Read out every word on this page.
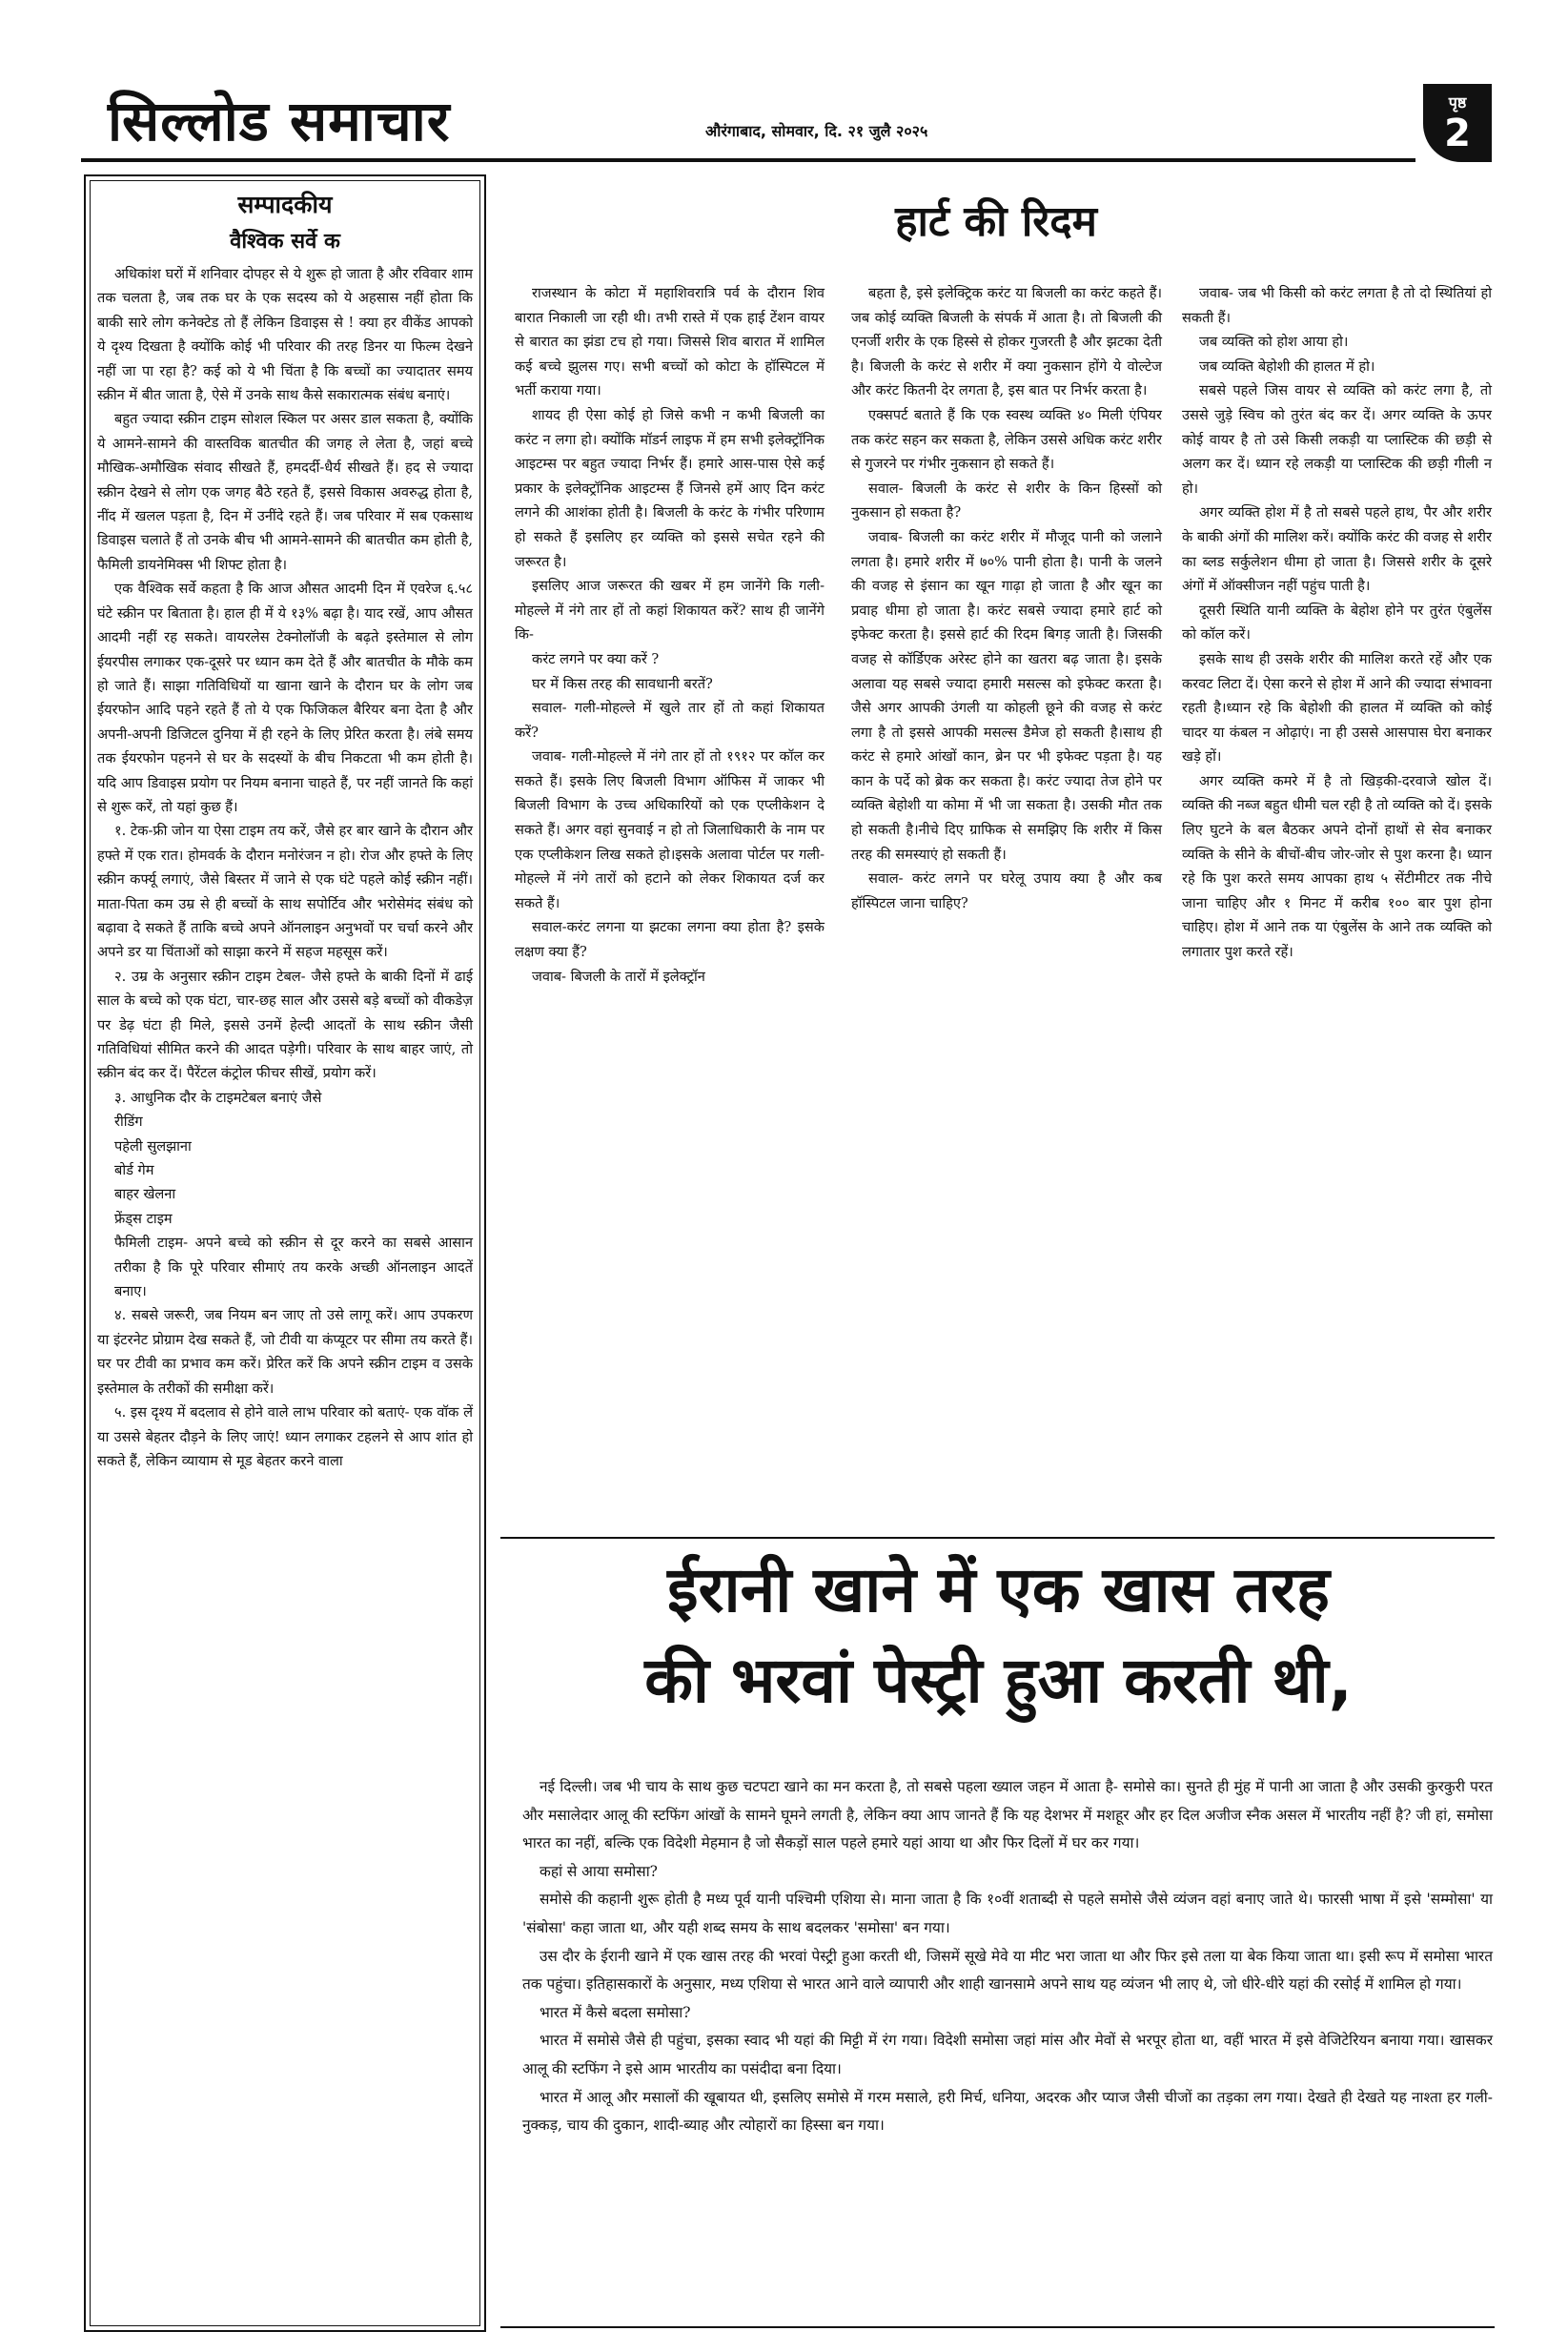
सिल्लोड समाचार	औरंगाबाद, सोमवार, दि. २१ जुलै २०२५
पृष्ठ
2
सम्पादकीय
वैश्विक सर्वे क

अधिकांश घरों में शनिवार दोपहर से ये शुरू हो जाता है और रविवार शाम तक चलता है, जब तक घर के एक सदस्य को ये अहसास नहीं होता कि बाकी सारे लोग कनेक्टेड तो हैं लेकिन डिवाइस से ! क्या हर वीकेंड आपको ये दृश्य दिखता है क्योंकि कोई भी परिवार की तरह डिनर या फिल्म देखने नहीं जा पा रहा है? कई को ये भी चिंता है कि बच्चों का ज्यादातर समय स्क्रीन में बीत जाता है, ऐसे में उनके साथ कैसे सकारात्मक संबंध बनाएं।

बहुत ज्यादा स्क्रीन टाइम सोशल स्किल पर असर डाल सकता है, क्योंकि ये आमने-सामने की वास्तविक बातचीत की जगह ले लेता है, जहां बच्चे मौखिक-अमौखिक संवाद सीखते हैं, हमदर्दी-धैर्य सीखते हैं। हद से ज्यादा स्क्रीन देखने से लोग एक जगह बैठे रहते हैं, इससे विकास अवरुद्ध होता है, नींद में खलल पड़ता है, दिन में उनींदे रहते हैं। जब परिवार में सब एकसाथ डिवाइस चलाते हैं तो उनके बीच भी आमने-सामने की बातचीत कम होती है, फैमिली डायनेमिक्स भी शिफ्ट होता है।

एक वैश्विक सर्वे कहता है कि आज औसत आदमी दिन में एवरेज ६.५८ घंटे स्क्रीन पर बिताता है। हाल ही में ये १३% बढ़ा है। याद रखें, आप औसत आदमी नहीं रह सकते। वायरलेस टेक्नोलॉजी के बढ़ते इस्तेमाल से लोग ईयरपीस लगाकर एक-दूसरे पर ध्यान कम देते हैं और बातचीत के मौके कम हो जाते हैं। साझा गतिविधियों या खाना खाने के दौरान घर के लोग जब ईयरफोन आदि पहने रहते हैं तो ये एक फिजिकल बैरियर बना देता है और अपनी-अपनी डिजिटल दुनिया में ही रहने के लिए प्रेरित करता है। लंबे समय तक ईयरफोन पहनने से घर के सदस्यों के बीच निकटता भी कम होती है। यदि आप डिवाइस प्रयोग पर नियम बनाना चाहते हैं, पर नहीं जानते कि कहां से शुरू करें, तो यहां कुछ हैं।

१. टेक-फ्री जोन या ऐसा टाइम तय करें, जैसे हर बार खाने के दौरान और हफ्ते में एक रात। होमवर्क के दौरान मनोरंजन न हो। रोज और हफ्ते के लिए स्क्रीन कर्फ्यू लगाएं, जैसे बिस्तर में जाने से एक घंटे पहले कोई स्क्रीन नहीं। माता-पिता कम उम्र से ही बच्चों के साथ सपोर्टिव और भरोसेमंद संबंध को बढ़ावा दे सकते हैं ताकि बच्चे अपने ऑनलाइन अनुभवों पर चर्चा करने और अपने डर या चिंताओं को साझा करने में सहज महसूस करें।

२. उम्र के अनुसार स्क्रीन टाइम टेबल- जैसे हफ्ते के बाकी दिनों में ढाई साल के बच्चे को एक घंटा, चार-छह साल और उससे बड़े बच्चों को वीकडेज़ पर डेढ़ घंटा ही मिले, इससे उनमें हेल्दी आदतों के साथ स्क्रीन जैसी गतिविधियां सीमित करने की आदत पड़ेगी। परिवार के साथ बाहर जाएं, तो स्क्रीन बंद कर दें। पैरेंटल कंट्रोल फीचर सीखें, प्रयोग करें।

३. आधुनिक दौर के टाइमटेबल बनाएं जैसे

रीडिंग

पहेली सुलझाना

बोर्ड गेम

बाहर खेलना

फ्रेंड्स टाइम

फैमिली टाइम- अपने बच्चे को स्क्रीन से दूर करने का सबसे आसान तरीका है कि पूरे परिवार सीमाएं तय करके अच्छी ऑनलाइन आदतें बनाए।

४. सबसे जरूरी, जब नियम बन जाए तो उसे लागू करें। आप उपकरण या इंटरनेट प्रोग्राम देख सकते हैं, जो टीवी या कंप्यूटर पर सीमा तय करते हैं। घर पर टीवी का प्रभाव कम करें। प्रेरित करें कि अपने स्क्रीन टाइम व उसके इस्तेमाल के तरीकों की समीक्षा करें।

५. इस दृश्य में बदलाव से होने वाले लाभ परिवार को बताएं- एक वॉक लें या उससे बेहतर दौड़ने के लिए जाएं! ध्यान लगाकर टहलने से आप शांत हो सकते हैं, लेकिन व्यायाम से मूड बेहतर करने वाला

हार्ट की रिदम

राजस्थान के कोटा में महाशिवरात्रि पर्व के दौरान शिव बारात निकाली जा रही थी। तभी रास्ते में एक हाई टेंशन वायर से बारात का झंडा टच हो गया। जिससे शिव बारात में शामिल कई बच्चे झुलस गए। सभी बच्चों को कोटा के हॉस्पिटल में भर्ती कराया गया।

शायद ही ऐसा कोई हो जिसे कभी न कभी बिजली का करंट न लगा हो। क्योंकि मॉडर्न लाइफ में हम सभी इलेक्ट्रॉनिक आइटम्स पर बहुत ज्यादा निर्भर हैं। हमारे आस-पास ऐसे कई प्रकार के इलेक्ट्रॉनिक आइटम्स हैं जिनसे हमें आए दिन करंट लगने की आशंका होती है। बिजली के करंट के गंभीर परिणाम हो सकते हैं इसलिए हर व्यक्ति को इससे सचेत रहने की जरूरत है।

इसलिए आज जरूरत की खबर में हम जानेंगे कि गली-मोहल्ले में नंगे तार हों तो कहां शिकायत करें? साथ ही जानेंगे कि-

करंट लगने पर क्या करें ?

घर में किस तरह की सावधानी बरतें?

सवाल- गली-मोहल्ले में खुले तार हों तो कहां शिकायत करें?

जवाब- गली-मोहल्ले में नंगे तार हों तो १९१२ पर कॉल कर सकते हैं। इसके लिए बिजली विभाग ऑफिस में जाकर भी बिजली विभाग के उच्च अधिकारियों को एक एप्लीकेशन दे सकते हैं। अगर वहां सुनवाई न हो तो जिलाधिकारी के नाम पर एक एप्लीकेशन लिख सकते हो।इसके अलावा पोर्टल पर गली-मोहल्ले में नंगे तारों को हटाने को लेकर शिकायत दर्ज कर सकते हैं।

सवाल-करंट लगना या झटका लगना क्या होता है? इसके लक्षण क्या हैं?

जवाब- बिजली के तारों में इलेक्ट्रॉन

बहता है, इसे इलेक्ट्रिक करंट या बिजली का करंट कहते हैं। जब कोई व्यक्ति बिजली के संपर्क में आता है। तो बिजली की एनर्जी शरीर के एक हिस्से से होकर गुजरती है और झटका देती है। बिजली के करंट से शरीर में क्या नुकसान होंगे ये वोल्टेज और करंट कितनी देर लगता है, इस बात पर निर्भर करता है।

एक्सपर्ट बताते हैं कि एक स्वस्थ व्यक्ति ४० मिली एंपियर तक करंट सहन कर सकता है, लेकिन उससे अधिक करंट शरीर से गुजरने पर गंभीर नुकसान हो सकते हैं।

सवाल- बिजली के करंट से शरीर के किन हिस्सों को नुकसान हो सकता है?

जवाब- बिजली का करंट शरीर में मौजूद पानी को जलाने लगता है। हमारे शरीर में ७०% पानी होता है। पानी के जलने की वजह से इंसान का खून गाढ़ा हो जाता है और खून का प्रवाह धीमा हो जाता है। करंट सबसे ज्यादा हमारे हार्ट को इफेक्ट करता है। इससे हार्ट की रिदम बिगड़ जाती है। जिसकी वजह से कॉर्डिएक अरेस्ट होने का खतरा बढ़ जाता है। इसके अलावा यह सबसे ज्यादा हमारी मसल्स को इफेक्ट करता है। जैसे अगर आपकी उंगली या कोहली छूने की वजह से करंट लगा है तो इससे आपकी मसल्स डैमेज हो सकती है।साथ ही करंट से हमारे आंखों कान, ब्रेन पर भी इफेक्ट पड़ता है। यह कान के पर्दे को ब्रेक कर सकता है। करंट ज्यादा तेज होने पर व्यक्ति बेहोशी या कोमा में भी जा सकता है। उसकी मौत तक हो सकती है।नीचे दिए ग्राफिक से समझिए कि शरीर में किस तरह की समस्याएं हो सकती हैं।

सवाल- करंट लगने पर घरेलू उपाय क्या है और कब हॉस्पिटल जाना चाहिए?

जवाब- जब भी किसी को करंट लगता है तो दो स्थितियां हो सकती हैं।

जब व्यक्ति को होश आया हो।

जब व्यक्ति बेहोशी की हालत में हो।

सबसे पहले जिस वायर से व्यक्ति को करंट लगा है, तो उससे जुड़े स्विच को तुरंत बंद कर दें। अगर व्यक्ति के ऊपर कोई वायर है तो उसे किसी लकड़ी या प्लास्टिक की छड़ी से अलग कर दें। ध्यान रहे लकड़ी या प्लास्टिक की छड़ी गीली न हो।

अगर व्यक्ति होश में है तो सबसे पहले हाथ, पैर और शरीर के बाकी अंगों की मालिश करें। क्योंकि करंट की वजह से शरीर का ब्लड सर्कुलेशन धीमा हो जाता है। जिससे शरीर के दूसरे अंगों में ऑक्सीजन नहीं पहुंच पाती है।

दूसरी स्थिति यानी व्यक्ति के बेहोश होने पर तुरंत एंबुलेंस को कॉल करें।

इसके साथ ही उसके शरीर की मालिश करते रहें और एक करवट लिटा दें। ऐसा करने से होश में आने की ज्यादा संभावना रहती है।ध्यान रहे कि बेहोशी की हालत में व्यक्ति को कोई चादर या कंबल न ओढ़ाएं। ना ही उससे आसपास घेरा बनाकर खड़े हों।

अगर व्यक्ति कमरे में है तो खिड़की-दरवाजे खोल दें। व्यक्ति की नब्ज बहुत धीमी चल रही है तो व्यक्ति को दें। इसके लिए घुटने के बल बैठकर अपने दोनों हाथों से सेव बनाकर व्यक्ति के सीने के बीचों-बीच जोर-जोर से पुश करना है। ध्यान रहे कि पुश करते समय आपका हाथ ५ सेंटीमीटर तक नीचे जाना चाहिए और १ मिनट में करीब १०० बार पुश होना चाहिए। होश में आने तक या एंबुलेंस के आने तक व्यक्ति को लगातार पुश करते रहें।

ईरानी खाने में एक खास तरह
की भरवां पेस्ट्री हुआ करती थी,

नई दिल्ली। जब भी चाय के साथ कुछ चटपटा खाने का मन करता है, तो सबसे पहला ख्याल जहन में आता है- समोसे का। सुनते ही मुंह में पानी आ जाता है और उसकी कुरकुरी परत और मसालेदार आलू की स्टफिंग आंखों के सामने घूमने लगती है, लेकिन क्या आप जानते हैं कि यह देशभर में मशहूर और हर दिल अजीज स्नैक असल में भारतीय नहीं है? जी हां, समोसा भारत का नहीं, बल्कि एक विदेशी मेहमान है जो सैकड़ों साल पहले हमारे यहां आया था और फिर दिलों में घर कर गया।

कहां से आया समोसा?

समोसे की कहानी शुरू होती है मध्य पूर्व यानी पश्चिमी एशिया से। माना जाता है कि १०वीं शताब्दी से पहले समोसे जैसे व्यंजन वहां बनाए जाते थे। फारसी भाषा में इसे 'सम्मोसा' या 'संबोसा' कहा जाता था, और यही शब्द समय के साथ बदलकर 'समोसा' बन गया।

उस दौर के ईरानी खाने में एक खास तरह की भरवां पेस्ट्री हुआ करती थी, जिसमें सूखे मेवे या मीट भरा जाता था और फिर इसे तला या बेक किया जाता था। इसी रूप में समोसा भारत तक पहुंचा। इतिहासकारों के अनुसार, मध्य एशिया से भारत आने वाले व्यापारी और शाही खानसामे अपने साथ यह व्यंजन भी लाए थे, जो धीरे-धीरे यहां की रसोई में शामिल हो गया।

भारत में कैसे बदला समोसा?

भारत में समोसे जैसे ही पहुंचा, इसका स्वाद भी यहां की मिट्टी में रंग गया। विदेशी समोसा जहां मांस और मेवों से भरपूर होता था, वहीं भारत में इसे वेजिटेरियन बनाया गया। खासकर आलू की स्टफिंग ने इसे आम भारतीय का पसंदीदा बना दिया।

भारत में आलू और मसालों की खूबायत थी, इसलिए समोसे में गरम मसाले, हरी मिर्च, धनिया, अदरक और प्याज जैसी चीजों का तड़का लग गया। देखते ही देखते यह नाश्ता हर गली-नुक्कड़, चाय की दुकान, शादी-ब्याह और त्योहारों का हिस्सा बन गया।
